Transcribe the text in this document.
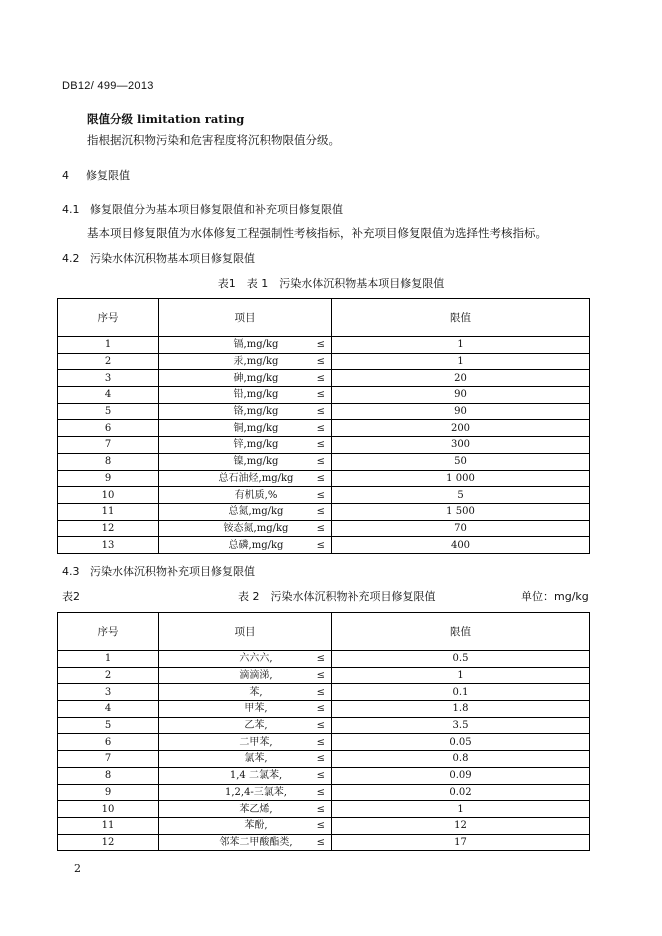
DB12/ 499—2013
限值分级 limitation rating
指根据沉积物污染和危害程度将沉积物限值分级。
4 修复限值
4.1 修复限值分为基本项目修复限值和补充项目修复限值
基本项目修复限值为水体修复工程强制性考核指标，补充项目修复限值为选择性考核指标。
4.2 污染水体沉积物基本项目修复限值
表1　表 1　污染水体沉积物基本项目修复限值
序号	项目	限值
1	镉,mg/kg ≤	1
2	汞,mg/kg ≤	1
3	砷,mg/kg ≤	20
4	铅,mg/kg ≤	90
5	铬,mg/kg ≤	90
6	铜,mg/kg ≤	200
7	锌,mg/kg ≤	300
8	镍,mg/kg ≤	50
9	总石油烃,mg/kg ≤	1 000
10	有机质,% ≤	5
11	总氮,mg/kg ≤	1 500
12	铵态氮,mg/kg ≤	70
13	总磷,mg/kg ≤	400
4.3 污染水体沉积物补充项目修复限值
表2	表 2　污染水体沉积物补充项目修复限值	单位：mg/kg
序号	项目	限值
1	六六六, ≤	0.5
2	滴滴涕, ≤	1
3	苯, ≤	0.1
4	甲苯, ≤	1.8
5	乙苯, ≤	3.5
6	二甲苯, ≤	0.05
7	氯苯, ≤	0.8
8	1,4 二氯苯, ≤	0.09
9	1,2,4-三氯苯, ≤	0.02
10	苯乙烯, ≤	1
11	苯酚, ≤	12
12	邻苯二甲酸酯类, ≤	17
2
